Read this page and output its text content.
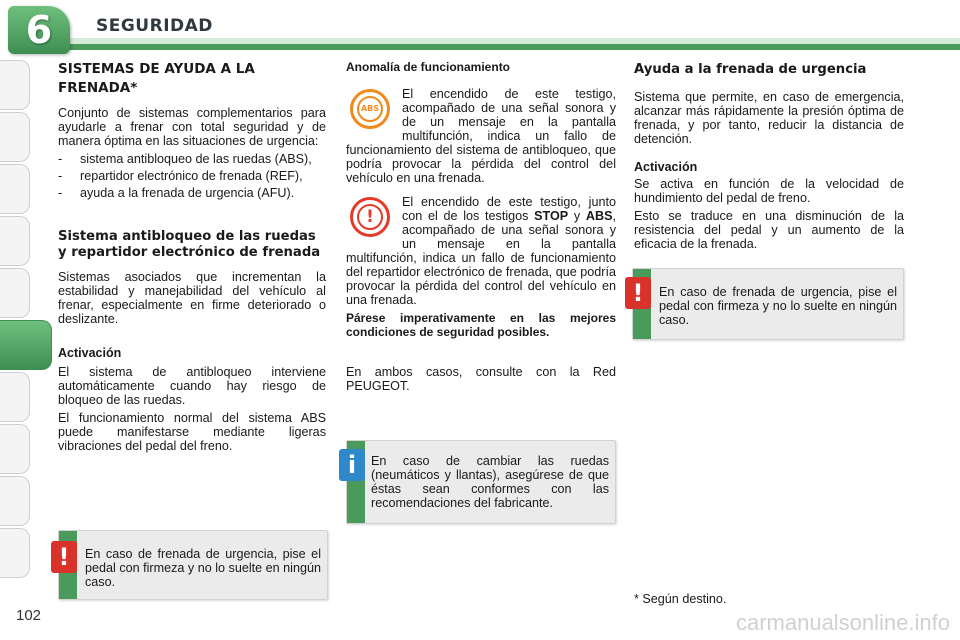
6	SEGURIDAD
SISTEMAS DE AYUDA A LA FRENADA*

Conjunto de sistemas complementarios para ayudarle a frenar con total seguridad y de manera óptima en las situaciones de urgencia:

- sistema antibloqueo de las ruedas (ABS),
- repartidor electrónico de frenada (REF),
- ayuda a la frenada de urgencia (AFU).
Sistema antibloqueo de las ruedas y repartidor electrónico de frenada

Sistemas asociados que incrementan la estabilidad y manejabilidad del vehículo al frenar, especialmente en firme deteriorado o deslizante.

Activación

El sistema de antibloqueo interviene automáticamente cuando hay riesgo de bloqueo de las ruedas.

El funcionamiento normal del sistema ABS puede manifestarse mediante ligeras vibraciones del pedal del freno.

!	En caso de frenada de urgencia, pise el pedal con firmeza y no lo suelte en ningún caso.
Anomalía de funcionamiento
ABS

El encendido de este testigo, acompañado de una señal sonora y de un mensaje en la pantalla multifunción, indica un fallo de funcionamiento del sistema de antibloqueo, que podría provocar la pérdida del control del vehículo en una frenada.

!

El encendido de este testigo, junto con el de los testigos STOP y ABS, acompañado de una señal sonora y un mensaje en la pantalla multifunción, indica un fallo de funcionamiento del repartidor electrónico de frenada, que podría provocar la pérdida del control del vehículo en una frenada.

Párese imperativamente en las mejores condiciones de seguridad posibles.

En ambos casos, consulte con la Red PEUGEOT.

i	En caso de cambiar las ruedas (neumáticos y llantas), asegúrese de que éstas sean conformes con las recomendaciones del fabricante.
Ayuda a la frenada de urgencia

Sistema que permite, en caso de emergencia, alcanzar más rápidamente la presión óptima de frenada, y por tanto, reducir la distancia de detención.

Activación

Se activa en función de la velocidad de hundimiento del pedal de freno.

Esto se traduce en una disminución de la resistencia del pedal y un aumento de la eficacia de la frenada.

!	En caso de frenada de urgencia, pise el pedal con firmeza y no lo suelte en ningún caso.
* Según destino.
102	carmanualsonline.info
